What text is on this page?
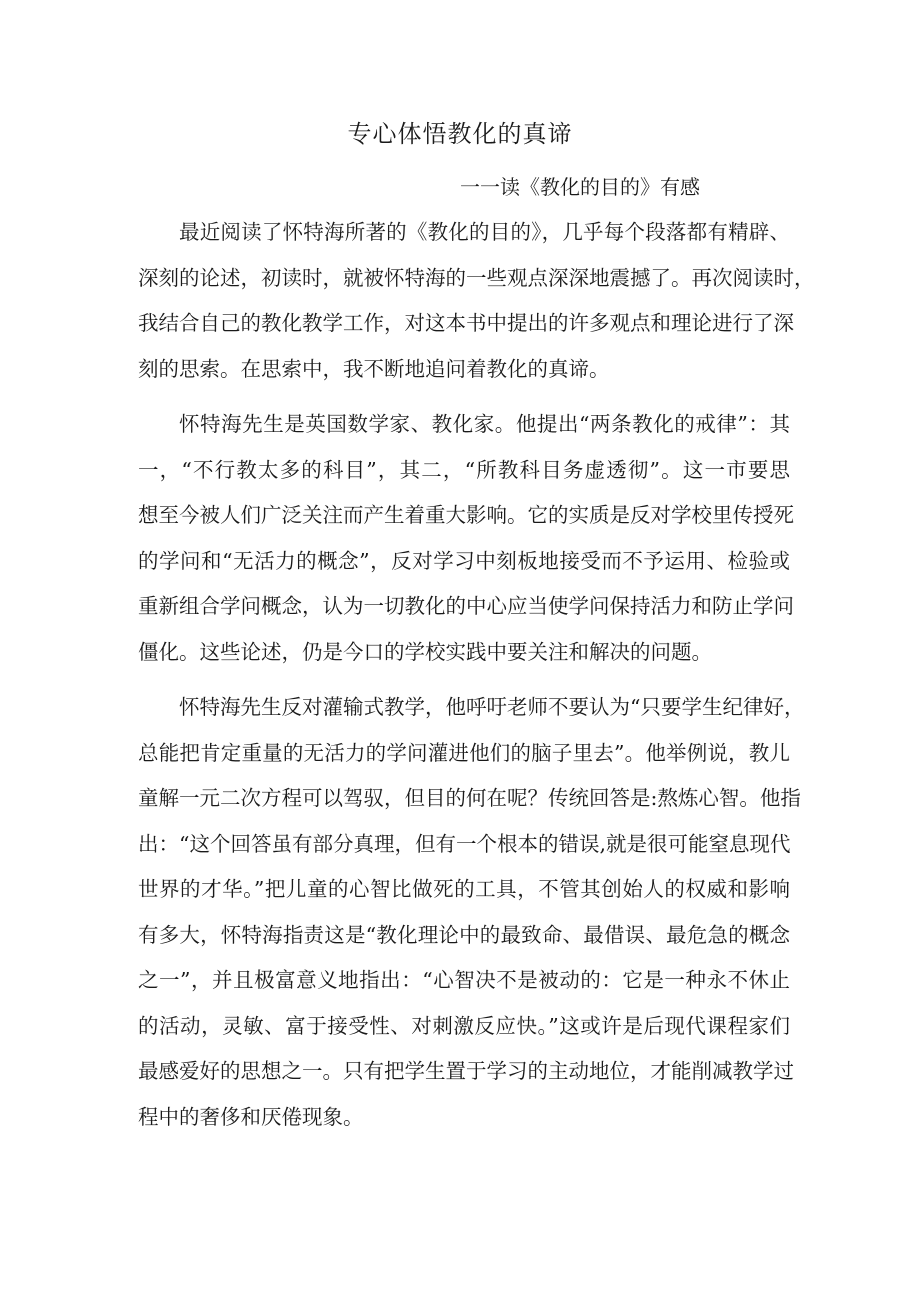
专心体悟教化的真谛
一一读《教化的目的》有感
最近阅读了怀特海所著的《教化的目的》，几乎每个段落都有精辟、
深刻的论述，初读时，就被怀特海的一些观点深深地震撼了。再次阅读时，
我结合自己的教化教学工作，对这本书中提出的许多观点和理论进行了深
刻的思索。在思索中，我不断地追问着教化的真谛。
怀特海先生是英国数学家、教化家。他提出“两条教化的戒律”：其
一，“不行教太多的科目”，其二，“所教科目务虚透彻”。这一市要思
想至今被人们广泛关注而产生着重大影响。它的实质是反对学校里传授死
的学问和“无活力的概念”，反对学习中刻板地接受而不予运用、检验或
重新组合学问概念，认为一切教化的中心应当使学问保持活力和防止学问
僵化。这些论述，仍是今口的学校实践中要关注和解决的问题。
怀特海先生反对灌输式教学，他呼吁老师不要认为“只要学生纪律好，
总能把肯定重量的无活力的学问灌进他们的脑子里去”。他举例说，教儿
童解一元二次方程可以驾驭，但目的何在呢？传统回答是:熬炼心智。他指
出：“这个回答虽有部分真理，但有一个根本的错误,就是很可能窒息现代
世界的才华。”把儿童的心智比做死的工具，不管其创始人的权威和影响
有多大，怀特海指责这是“教化理论中的最致命、最借误、最危急的概念
之一”，并且极富意义地指出：“心智决不是被动的：它是一种永不休止
的活动，灵敏、富于接受性、对刺激反应快。”这或许是后现代课程家们
最感爱好的思想之一。只有把学生置于学习的主动地位，才能削减教学过
程中的奢侈和厌倦现象。
